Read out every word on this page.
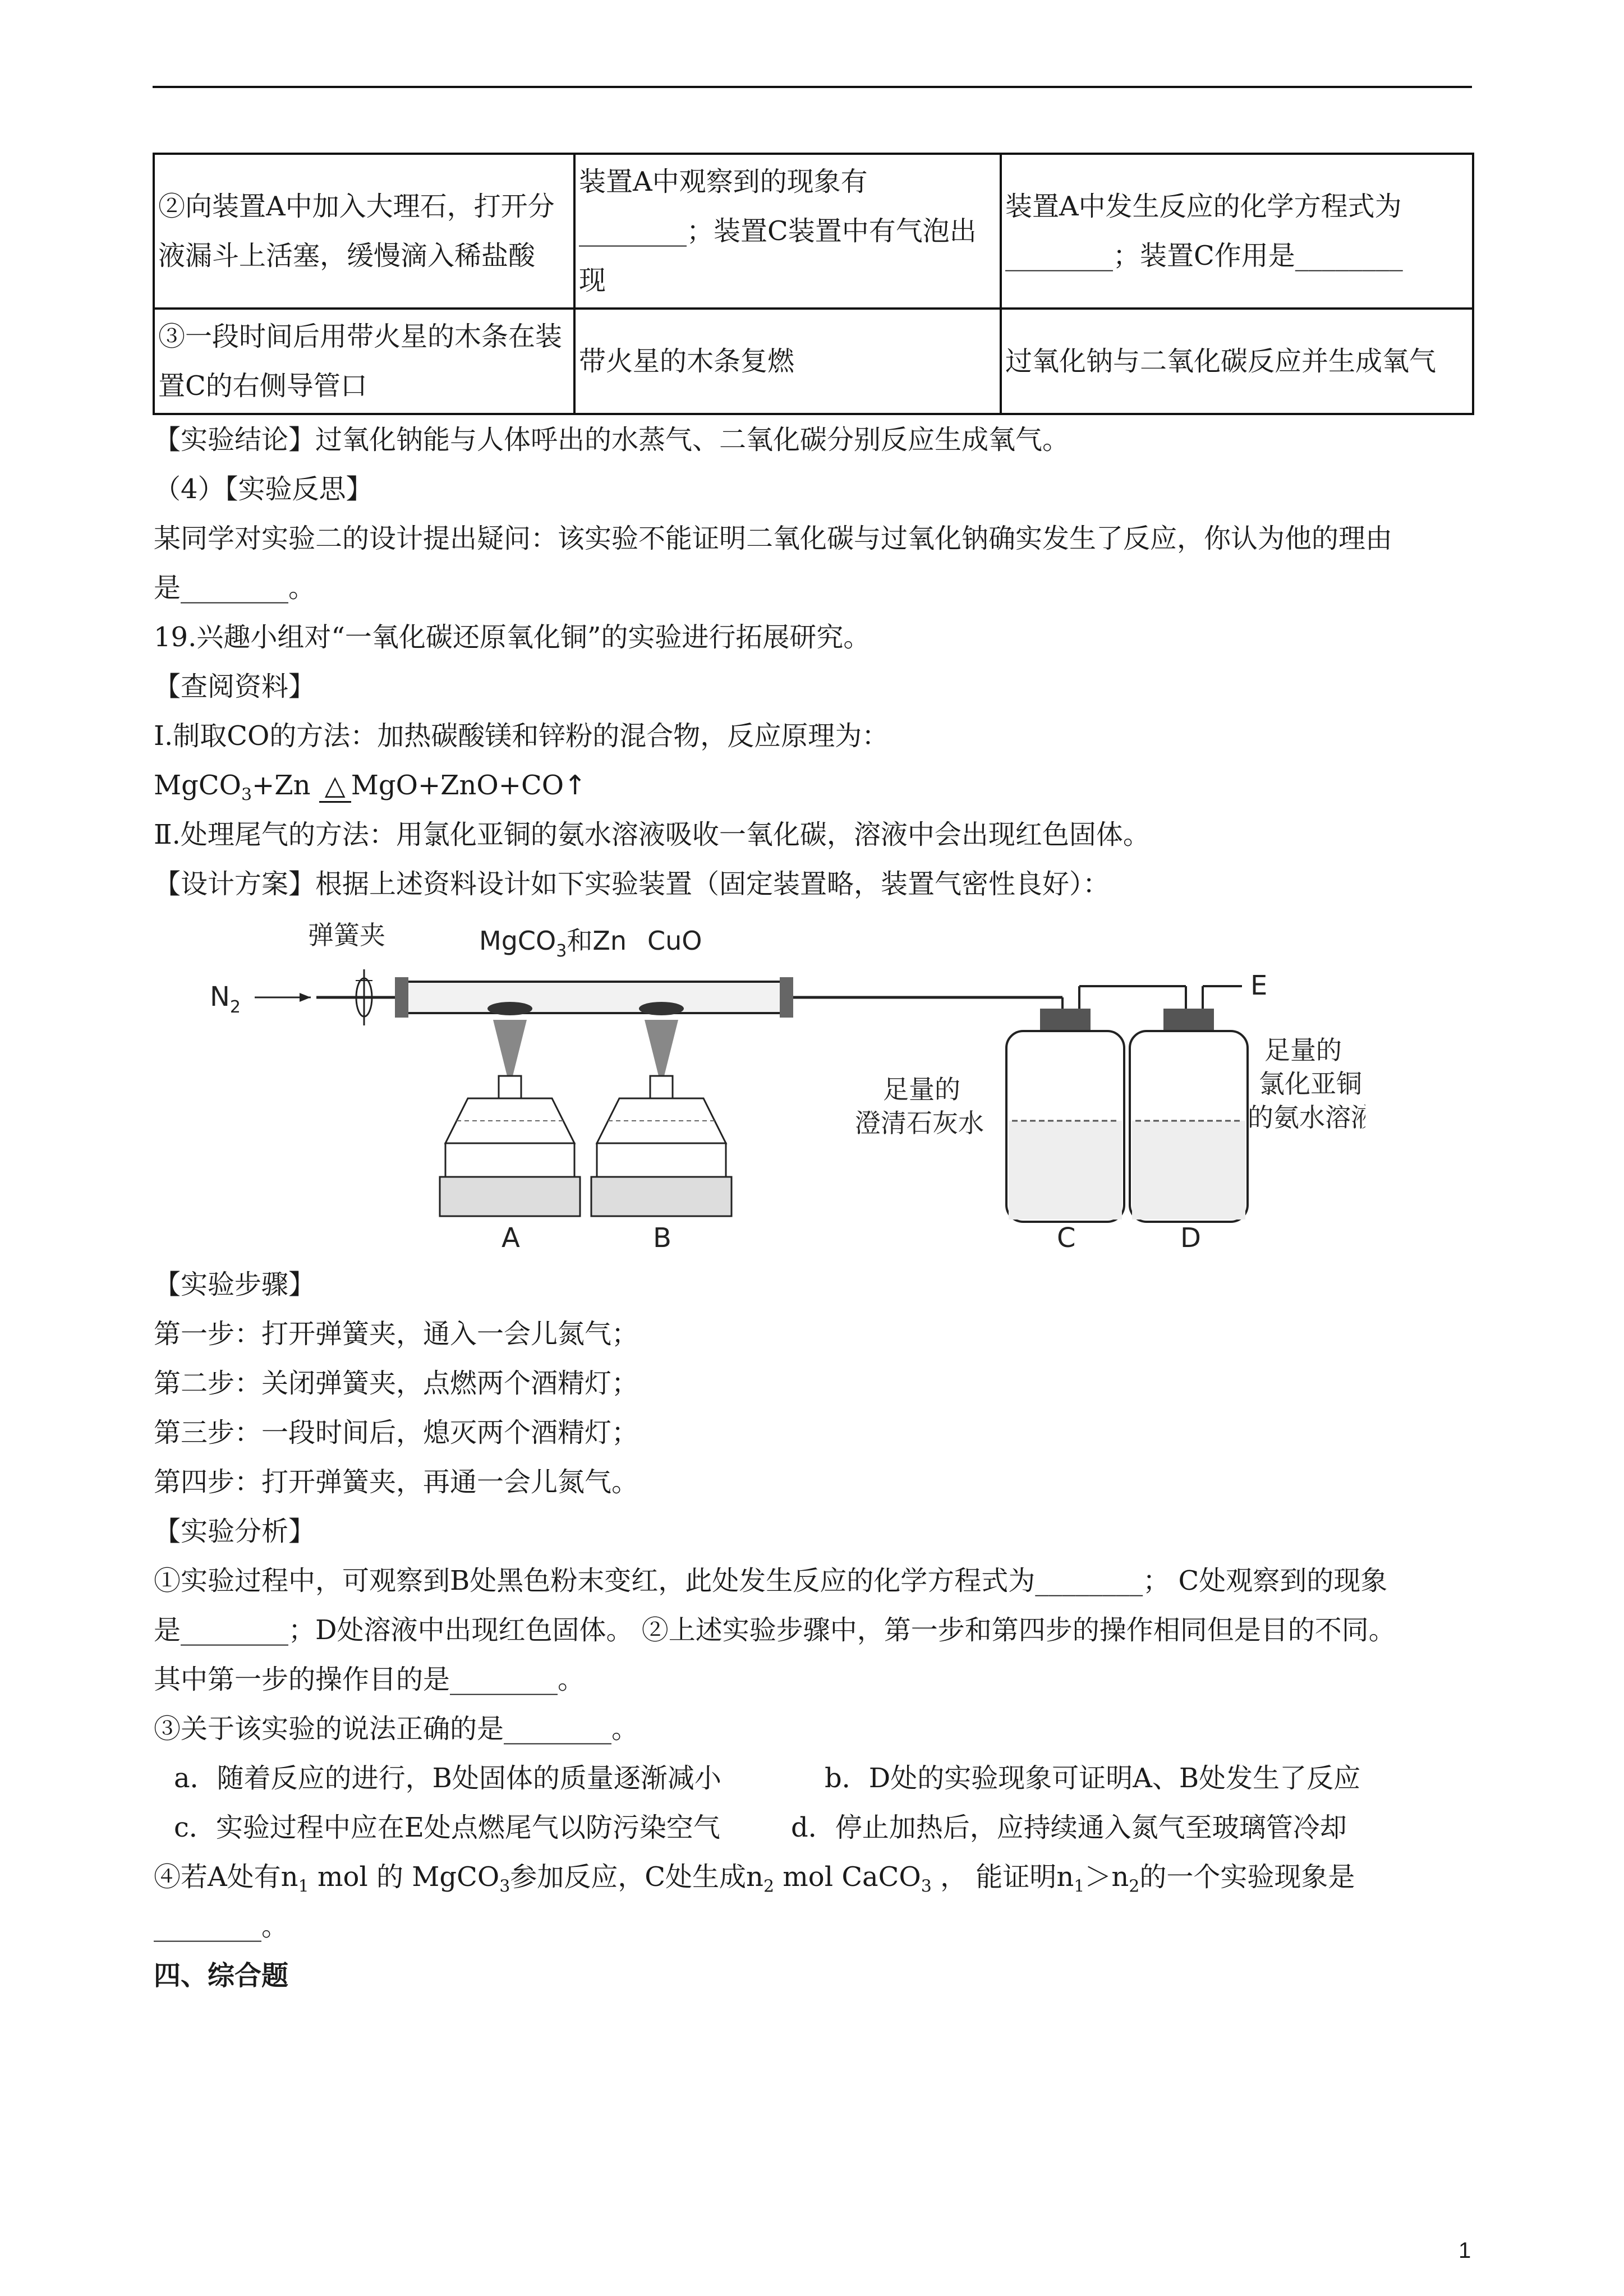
②向装置A中加入大理石，打开分液漏斗上活塞，缓慢滴入稀盐酸	装置A中观察到的现象有________；装置C装置中有气泡出现	装置A中发生反应的化学方程式为________；装置C作用是________
③一段时间后用带火星的木条在装置C的右侧导管口	带火星的木条复燃	过氧化钠与二氧化碳反应并生成氧气

【实验结论】过氧化钠能与人体呼出的水蒸气、二氧化碳分别反应生成氧气。

（4）【实验反思】

某同学对实验二的设计提出疑问：该实验不能证明二氧化碳与过氧化钠确实发生了反应，你认为他的理由

是________。

19.兴趣小组对“一氧化碳还原氧化铜”的实验进行拓展研究。

【查阅资料】

Ⅰ.制取CO的方法：加热碳酸镁和锌粉的混合物，反应原理为：

MgCO$_3$+Zn △ MgO+ZnO+CO↑

Ⅱ.处理尾气的方法：用氯化亚铜的氨水溶液吸收一氧化碳，溶液中会出现红色固体。

【设计方案】根据上述资料设计如下实验装置（固定装置略，装置气密性良好）：

$N_2$
弹簧夹	MgCO$_3$和Zn CuO
E
足量的
澄清石灰水
足量的
氯化亚铜
的氨水溶液
A	B	C	D

【实验步骤】

第一步：打开弹簧夹，通入一会儿氮气；

第二步：关闭弹簧夹，点燃两个酒精灯；

第三步：一段时间后，熄灭两个酒精灯；

第四步：打开弹簧夹，再通一会儿氮气。

【实验分析】

①实验过程中，可观察到B处黑色粉末变红，此处发生反应的化学方程式为________； C处观察到的现象

是________；D处溶液中出现红色固体。 ②上述实验步骤中，第一步和第四步的操作相同但是目的不同。

其中第一步的操作目的是________。

③关于该实验的说法正确的是________。

a．随着反应的进行，B处固体的质量逐渐减小	b．D处的实验现象可证明A、B处发生了反应
c．实验过程中应在E处点燃尾气以防污染空气	d．停止加热后，应持续通入氮气至玻璃管冷却

④若A处有$n_1$ mol 的 MgCO$_3$参加反应，C处生成$n_2$ mol CaCO$_3$ ， 能证明$n_1>n_2$的一个实验现象是

________。

四、综合题

1
